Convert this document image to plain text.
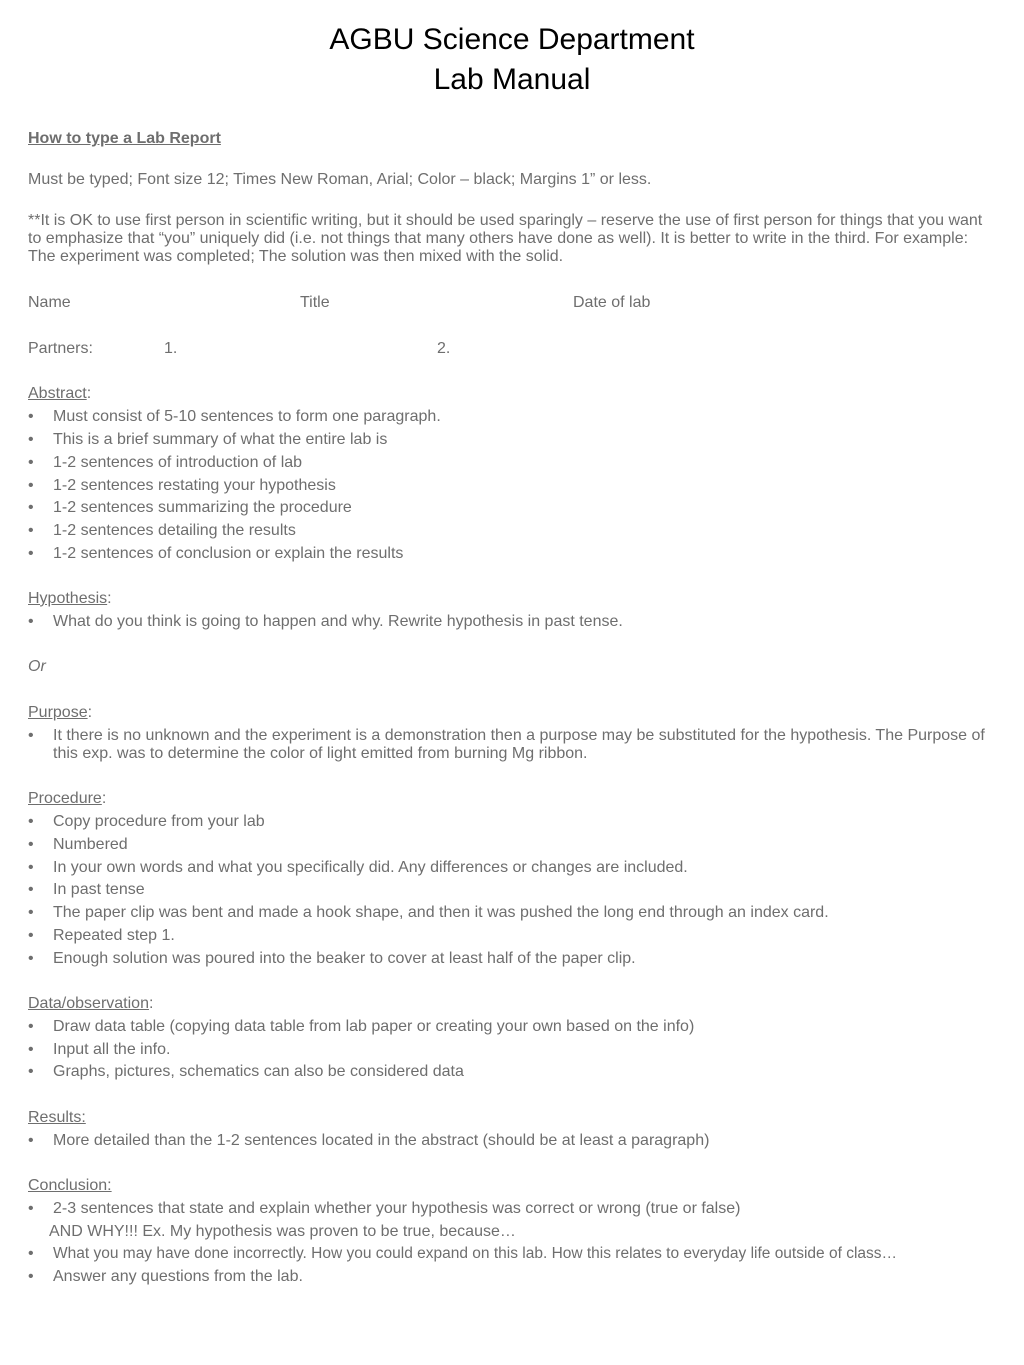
AGBU Science Department
Lab Manual
How to type a Lab Report
Must be typed; Font size 12; Times New Roman, Arial; Color – black; Margins 1” or less.
**It is OK to use first person in scientific writing, but it should be used sparingly – reserve the use of first person for things that you want to emphasize that “you” uniquely did (i.e. not things that many others have done as well). It is better to write in the third. For example: The experiment was completed; The solution was then mixed with the solid.
Name	Title	Date of lab
Partners:	1.	2.
Abstract:
• Must consist of 5-10 sentences to form one paragraph.
• This is a brief summary of what the entire lab is
• 1-2 sentences of introduction of lab
• 1-2 sentences restating your hypothesis
• 1-2 sentences summarizing the procedure
• 1-2 sentences detailing the results
• 1-2 sentences of conclusion or explain the results
Hypothesis:
• What do you think is going to happen and why. Rewrite hypothesis in past tense.
Or
Purpose:
• It there is no unknown and the experiment is a demonstration then a purpose may be substituted for the hypothesis. The Purpose of this exp. was to determine the color of light emitted from burning Mg ribbon.
Procedure:
• Copy procedure from your lab
• Numbered
• In your own words and what you specifically did. Any differences or changes are included.
• In past tense
• The paper clip was bent and made a hook shape, and then it was pushed the long end through an index card.
• Repeated step 1.
• Enough solution was poured into the beaker to cover at least half of the paper clip.
Data/observation:
• Draw data table (copying data table from lab paper or creating your own based on the info)
• Input all the info.
• Graphs, pictures, schematics can also be considered data
Results:
• More detailed than the 1-2 sentences located in the abstract (should be at least a paragraph)
Conclusion:
• 2-3 sentences that state and explain whether your hypothesis was correct or wrong (true or false)
AND WHY!!! Ex. My hypothesis was proven to be true, because…
• What you may have done incorrectly. How you could expand on this lab. How this relates to everyday life outside of class…
• Answer any questions from the lab.
